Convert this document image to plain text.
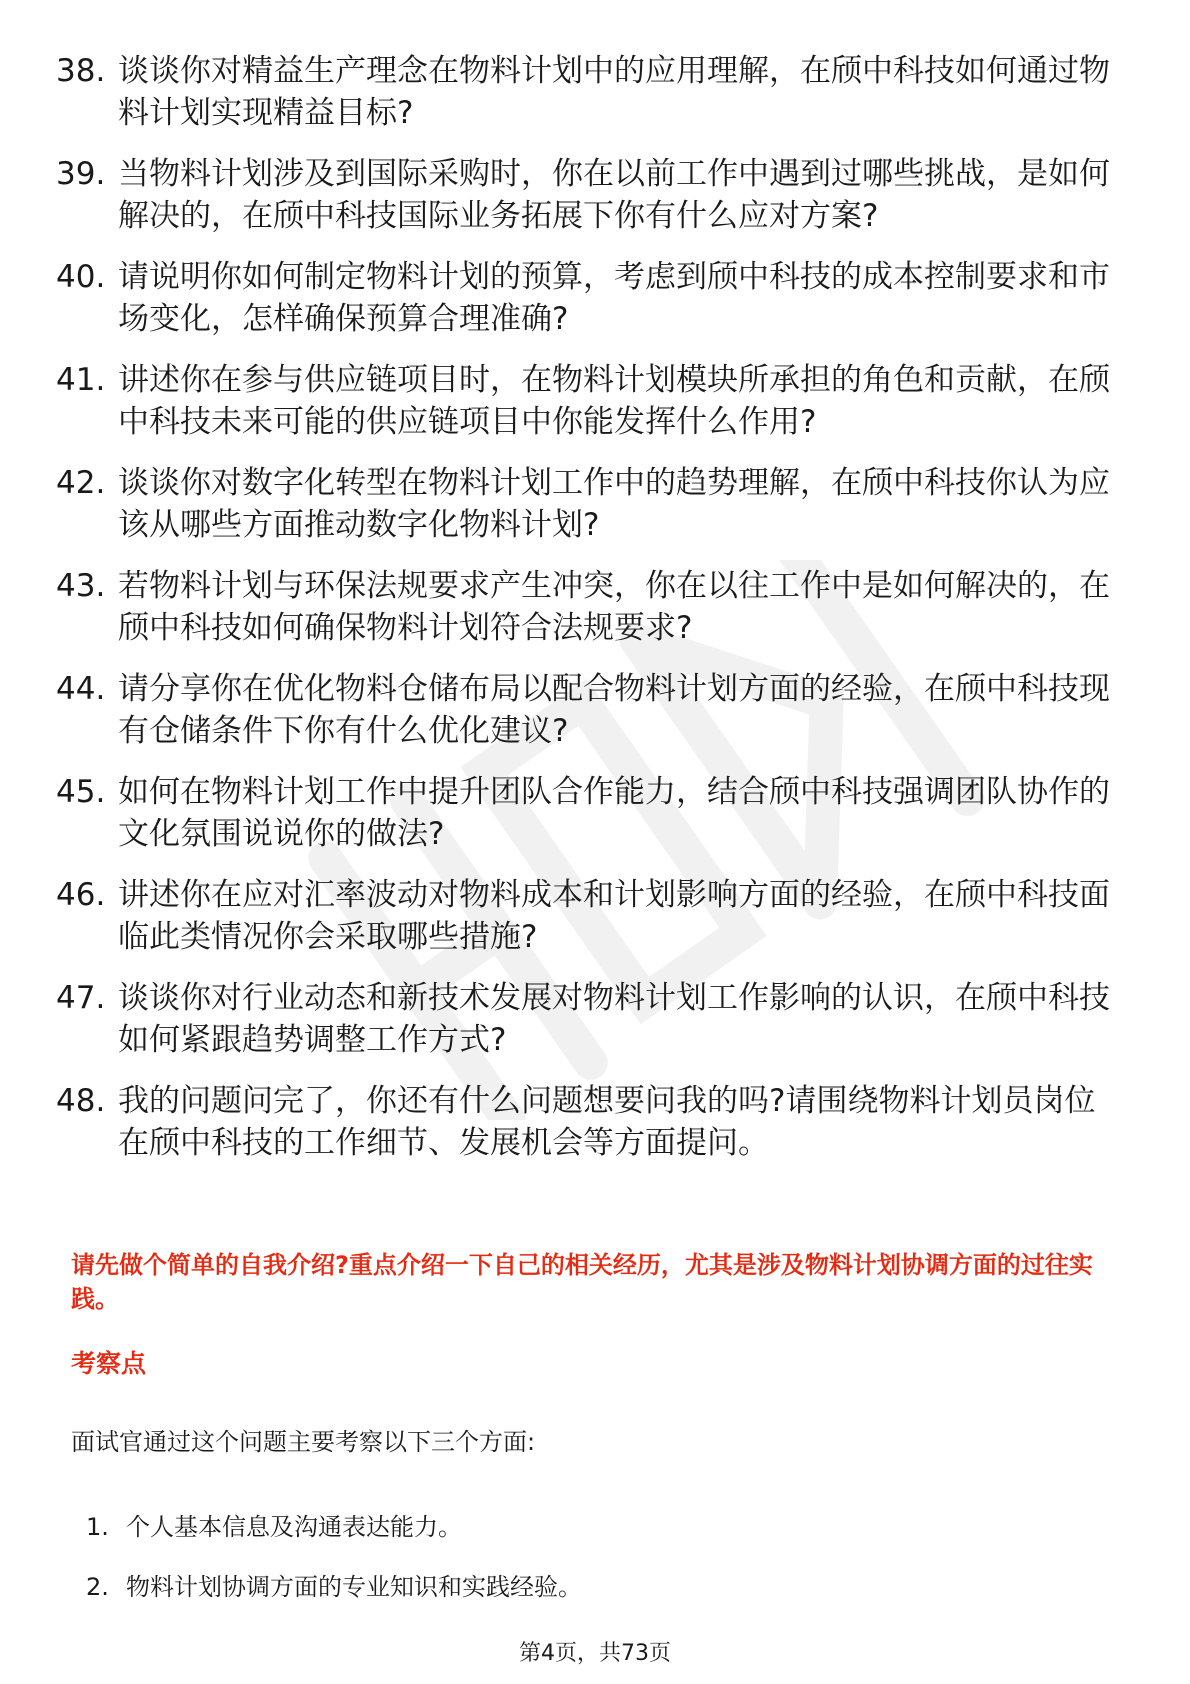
38. 谈谈你对精益生产理念在物料计划中的应用理解，在颀中科技如何通过物料计划实现精益目标?
39. 当物料计划涉及到国际采购时，你在以前工作中遇到过哪些挑战，是如何解决的，在颀中科技国际业务拓展下你有什么应对方案?
40. 请说明你如何制定物料计划的预算，考虑到颀中科技的成本控制要求和市场变化，怎样确保预算合理准确?
41. 讲述你在参与供应链项目时，在物料计划模块所承担的角色和贡献，在颀中科技未来可能的供应链项目中你能发挥什么作用?
42. 谈谈你对数字化转型在物料计划工作中的趋势理解，在颀中科技你认为应该从哪些方面推动数字化物料计划?
43. 若物料计划与环保法规要求产生冲突，你在以往工作中是如何解决的，在颀中科技如何确保物料计划符合法规要求?
44. 请分享你在优化物料仓储布局以配合物料计划方面的经验，在颀中科技现有仓储条件下你有什么优化建议?
45. 如何在物料计划工作中提升团队合作能力，结合颀中科技强调团队协作的文化氛围说说你的做法?
46. 讲述你在应对汇率波动对物料成本和计划影响方面的经验，在颀中科技面临此类情况你会采取哪些措施?
47. 谈谈你对行业动态和新技术发展对物料计划工作影响的认识，在颀中科技如何紧跟趋势调整工作方式?
48. 我的问题问完了，你还有什么问题想要问我的吗?请围绕物料计划员岗位在颀中科技的工作细节、发展机会等方面提问。
请先做个简单的自我介绍?重点介绍一下自己的相关经历，尤其是涉及物料计划协调方面的过往实践。
考察点
面试官通过这个问题主要考察以下三个方面:
1. 个人基本信息及沟通表达能力。
2. 物料计划协调方面的专业知识和实践经验。
第4页，共73页
